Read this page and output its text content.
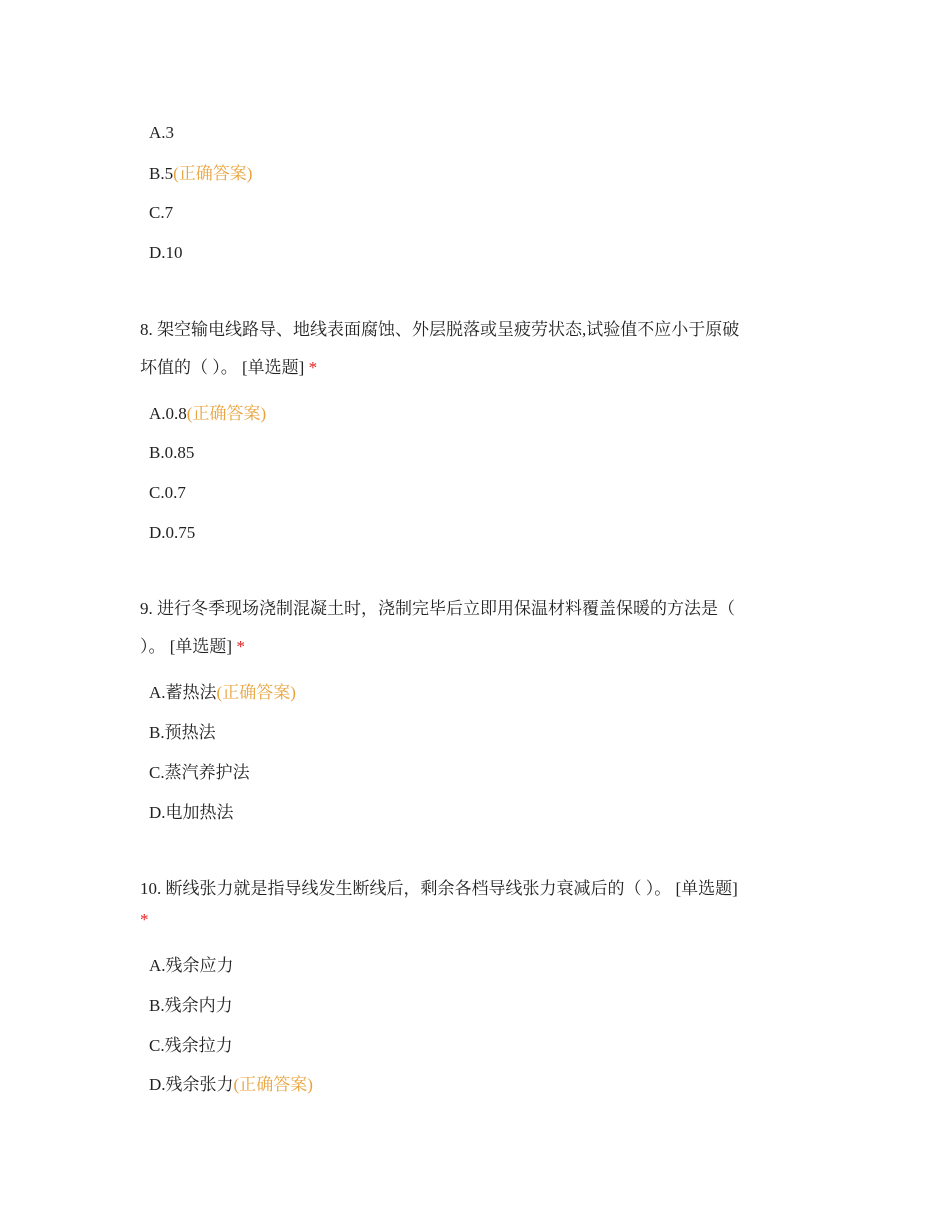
A.3
B.5(正确答案)
C.7
D.10
8. 架空输电线路导、地线表面腐蚀、外层脱落或呈疲劳状态,试验值不应小于原破
坏值的（ ）。 [单选题] *
A.0.8(正确答案)
B.0.85
C.0.7
D.0.75
9. 进行冬季现场浇制混凝土时，浇制完毕后立即用保温材料覆盖保暖的方法是（
）。 [单选题] *
A.蓄热法(正确答案)
B.预热法
C.蒸汽养护法
D.电加热法
10. 断线张力就是指导线发生断线后，剩余各档导线张力衰减后的（ ）。 [单选题]
*
A.残余应力
B.残余内力
C.残余拉力
D.残余张力(正确答案)
